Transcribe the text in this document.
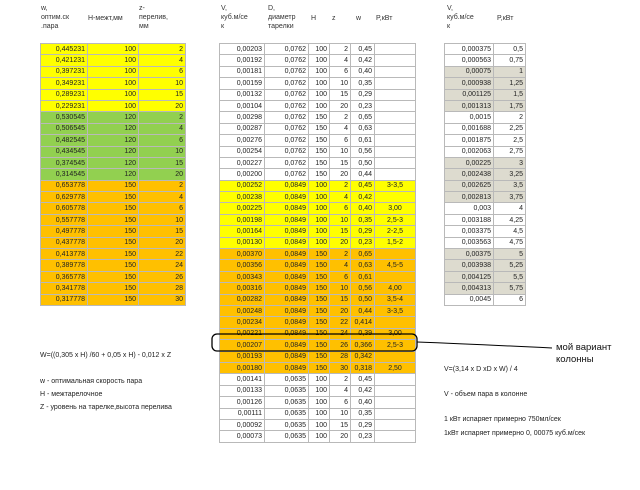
w,
оптим.ск
.пара
H-межт,мм
z-
перелив,
мм
V,
куб.м/се
к
D,
диаметр
тарелки
H	z	w	P,кВт
V,
куб.м/се
к
P,кВт
0,445231	100	2
0,421231	100	4
0,397231	100	6
0,349231	100	10
0,289231	100	15
0,229231	100	20
0,530545	120	2
0,506545	120	4
0,482545	120	6
0,434545	120	10
0,374545	120	15
0,314545	120	20
0,653778	150	2
0,629778	150	4
0,605778	150	6
0,557778	150	10
0,497778	150	15
0,437778	150	20
0,413778	150	22
0,389778	150	24
0,365778	150	26
0,341778	150	28
0,317778	150	30
0,00203	0,0762	100	2	0,45	
0,00192	0,0762	100	4	0,42	
0,00181	0,0762	100	6	0,40	
0,00159	0,0762	100	10	0,35	
0,00132	0,0762	100	15	0,29	
0,00104	0,0762	100	20	0,23	
0,00298	0,0762	150	2	0,65	
0,00287	0,0762	150	4	0,63	
0,00276	0,0762	150	6	0,61	
0,00254	0,0762	150	10	0,56	
0,00227	0,0762	150	15	0,50	
0,00200	0,0762	150	20	0,44	
0,00252	0,0849	100	2	0,45	3-3,5
0,00238	0,0849	100	4	0,42	
0,00225	0,0849	100	6	0,40	3,00
0,00198	0,0849	100	10	0,35	2,5-3
0,00164	0,0849	100	15	0,29	2-2,5
0,00130	0,0849	100	20	0,23	1,5-2
0,00370	0,0849	150	2	0,65	
0,00356	0,0849	150	4	0,63	4,5-5
0,00343	0,0849	150	6	0,61	
0,00316	0,0849	150	10	0,56	4,00
0,00282	0,0849	150	15	0,50	3,5-4
0,00248	0,0849	150	20	0,44	3-3,5
0,00234	0,0849	150	22	0,414	
0,00221	0,0849	150	24	0,39	3,00
0,00207	0,0849	150	26	0,366	2,5-3
0,00193	0,0849	150	28	0,342	
0,00180	0,0849	150	30	0,318	2,50
0,00141	0,0635	100	2	0,45	
0,00133	0,0635	100	4	0,42	
0,00126	0,0635	100	6	0,40	
0,00111	0,0635	100	10	0,35	
0,00092	0,0635	100	15	0,29	
0,00073	0,0635	100	20	0,23	
0,000375	0,5
0,000563	0,75
0,00075	1
0,000938	1,25
0,001125	1,5
0,001313	1,75
0,0015	2
0,001688	2,25
0,001875	2,5
0,002063	2,75
0,00225	3
0,002438	3,25
0,002625	3,5
0,002813	3,75
0,003	4
0,003188	4,25
0,003375	4,5
0,003563	4,75
0,00375	5
0,003938	5,25
0,004125	5,5
0,004313	5,75
0,0045	6
W=((0,305 x H) /60 + 0,05 x H) - 0,012 x Z
w - оптимальная скорость пара
H - межтарелочное
Z - уровень на тарелке,высота перелива
мой вариант
колонны
V=(3,14 x D xD x W) / 4
V - объем пара в колонне
1 кВт испаряет примерно 750мл/сек
1кВт испаряет примерно 0, 00075 куб.м/сек
